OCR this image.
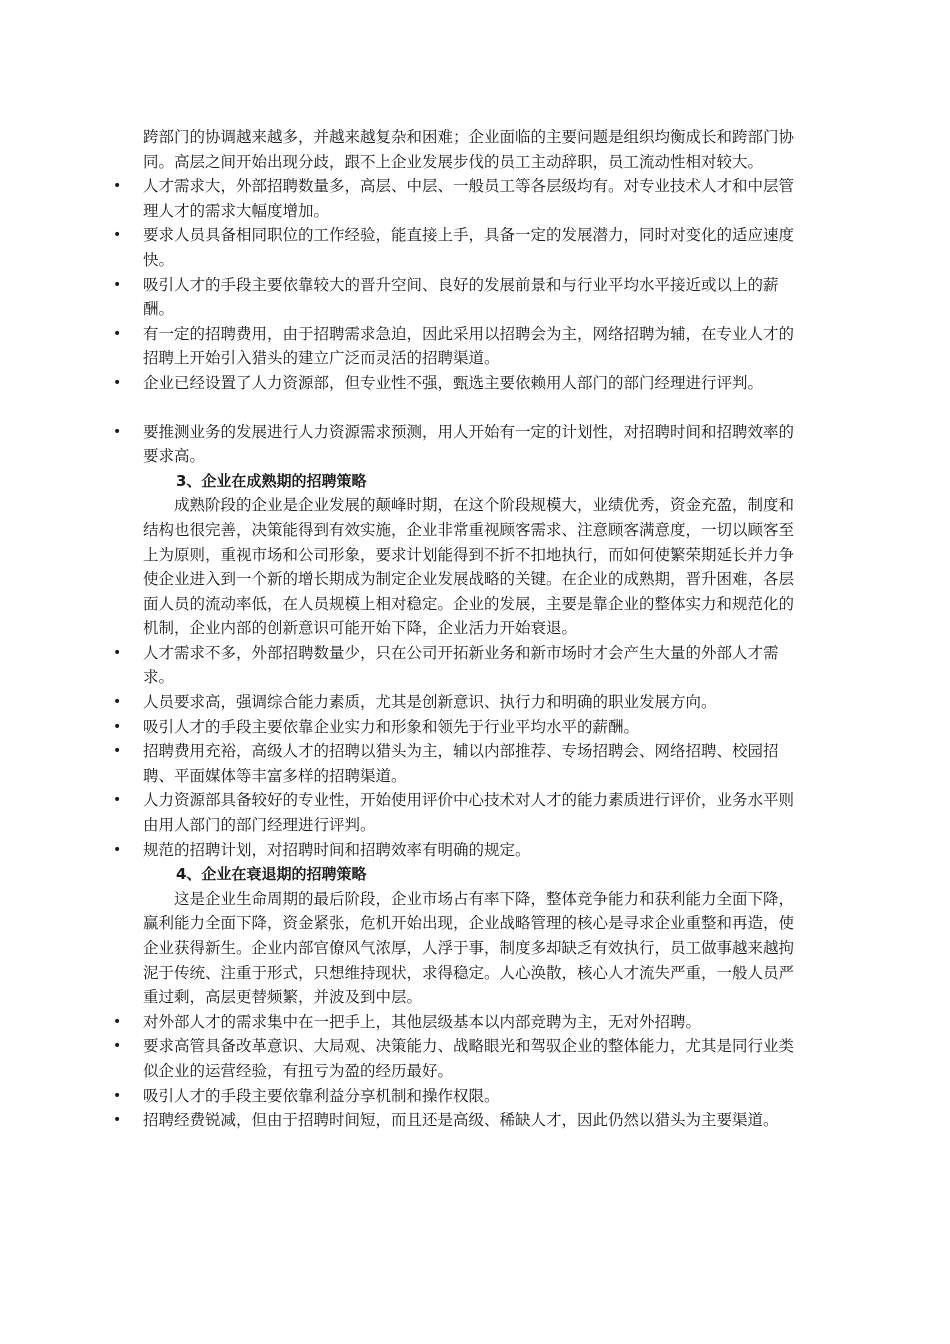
跨部门的协调越来越多，并越来越复杂和困难；企业面临的主要问题是组织均衡成长和跨部门协同。高层之间开始出现分歧，跟不上企业发展步伐的员工主动辞职，员工流动性相对较大。

• 人才需求大，外部招聘数量多，高层、中层、一般员工等各层级均有。对专业技术人才和中层管理人才的需求大幅度增加。
• 要求人员具备相同职位的工作经验，能直接上手，具备一定的发展潜力，同时对变化的适应速度快。
• 吸引人才的手段主要依靠较大的晋升空间、良好的发展前景和与行业平均水平接近或以上的薪酬。
• 有一定的招聘费用，由于招聘需求急迫，因此采用以招聘会为主，网络招聘为辅，在专业人才的招聘上开始引入猎头的建立广泛而灵活的招聘渠道。
• 企业已经设置了人力资源部，但专业性不强，甄选主要依赖用人部门的部门经理进行评判。
• 要推测业务的发展进行人力资源需求预测，用人开始有一定的计划性，对招聘时间和招聘效率的要求高。

3、企业在成熟期的招聘策略

成熟阶段的企业是企业发展的颠峰时期，在这个阶段规模大，业绩优秀，资金充盈，制度和结构也很完善，决策能得到有效实施，企业非常重视顾客需求、注意顾客满意度，一切以顾客至上为原则，重视市场和公司形象，要求计划能得到不折不扣地执行，而如何使繁荣期延长并力争使企业进入到一个新的增长期成为制定企业发展战略的关键。在企业的成熟期，晋升困难，各层面人员的流动率低，在人员规模上相对稳定。企业的发展，主要是靠企业的整体实力和规范化的机制，企业内部的创新意识可能开始下降，企业活力开始衰退。

• 人才需求不多，外部招聘数量少，只在公司开拓新业务和新市场时才会产生大量的外部人才需求。
• 人员要求高，强调综合能力素质，尤其是创新意识、执行力和明确的职业发展方向。
• 吸引人才的手段主要依靠企业实力和形象和领先于行业平均水平的薪酬。
• 招聘费用充裕，高级人才的招聘以猎头为主，辅以内部推荐、专场招聘会、网络招聘、校园招聘、平面媒体等丰富多样的招聘渠道。
• 人力资源部具备较好的专业性，开始使用评价中心技术对人才的能力素质进行评价，业务水平则由用人部门的部门经理进行评判。
• 规范的招聘计划，对招聘时间和招聘效率有明确的规定。

4、企业在衰退期的招聘策略

这是企业生命周期的最后阶段，企业市场占有率下降，整体竞争能力和获利能力全面下降，赢利能力全面下降，资金紧张，危机开始出现，企业战略管理的核心是寻求企业重整和再造，使企业获得新生。企业内部官僚风气浓厚，人浮于事，制度多却缺乏有效执行，员工做事越来越拘泥于传统、注重于形式，只想维持现状，求得稳定。人心涣散，核心人才流失严重，一般人员严重过剩，高层更替频繁，并波及到中层。

• 对外部人才的需求集中在一把手上，其他层级基本以内部竞聘为主，无对外招聘。
• 要求高管具备改革意识、大局观、决策能力、战略眼光和驾驭企业的整体能力，尤其是同行业类似企业的运营经验，有扭亏为盈的经历最好。
• 吸引人才的手段主要依靠利益分享机制和操作权限。
• 招聘经费锐减，但由于招聘时间短，而且还是高级、稀缺人才，因此仍然以猎头为主要渠道。
